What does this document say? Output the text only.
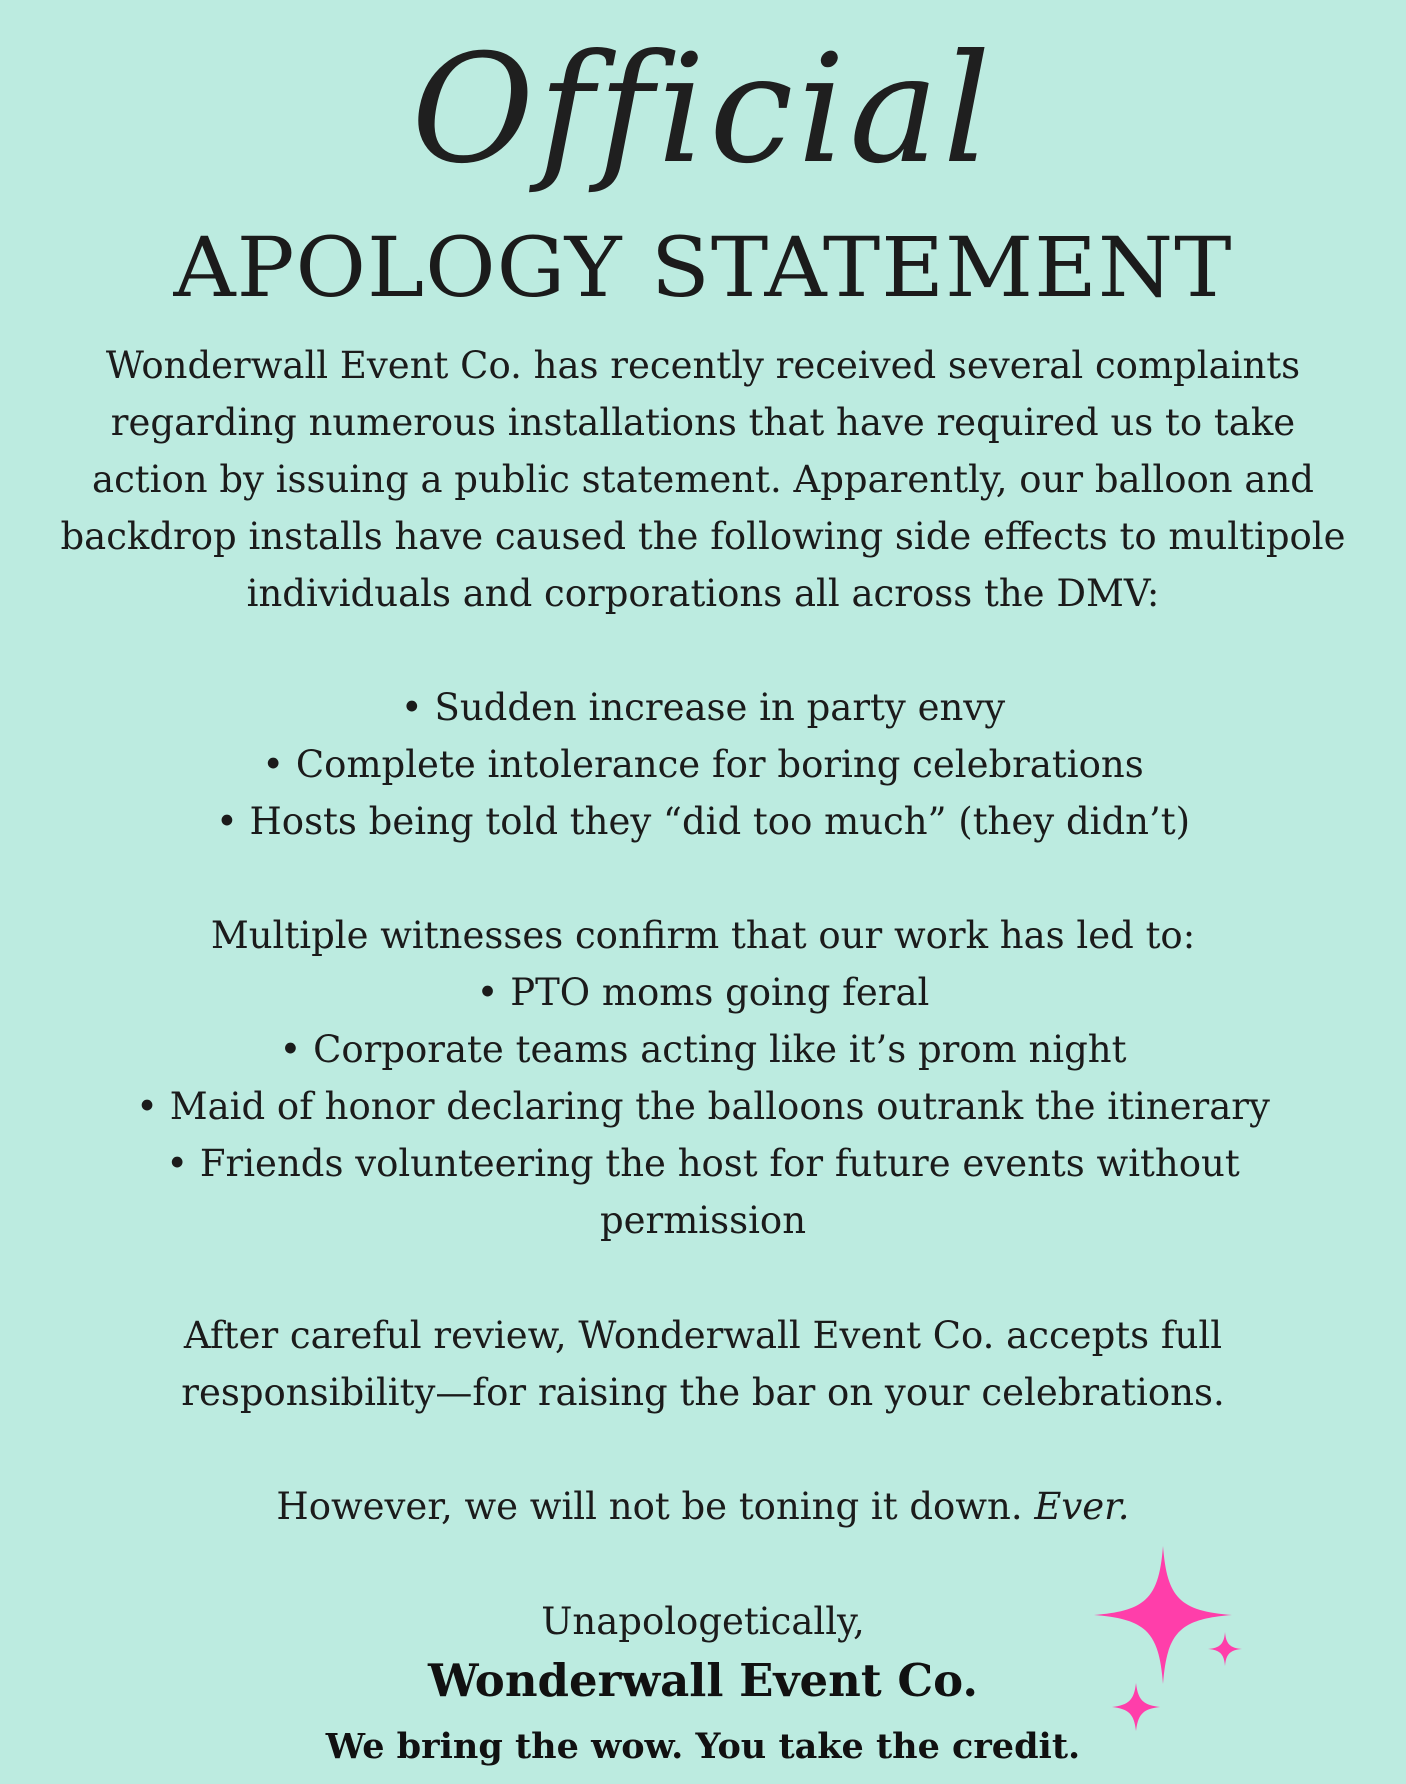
Official
APOLOGY STATEMENT

Wonderwall Event Co. has recently received several complaints

regarding numerous installations that have required us to take

action by issuing a public statement. Apparently, our balloon and

backdrop installs have caused the following side effects to multipole

individuals and corporations all across the DMV:

• Sudden increase in party envy

• Complete intolerance for boring celebrations

• Hosts being told they “did too much” (they didn’t)

Multiple witnesses confirm that our work has led to:

• PTO moms going feral

• Corporate teams acting like it’s prom night

• Maid of honor declaring the balloons outrank the itinerary

• Friends volunteering the host for future events without

permission

After careful review, Wonderwall Event Co. accepts full

responsibility—for raising the bar on your celebrations.

However, we will not be toning it down. Ever.

Unapologetically,

Wonderwall Event Co.
We bring the wow. You take the credit.
